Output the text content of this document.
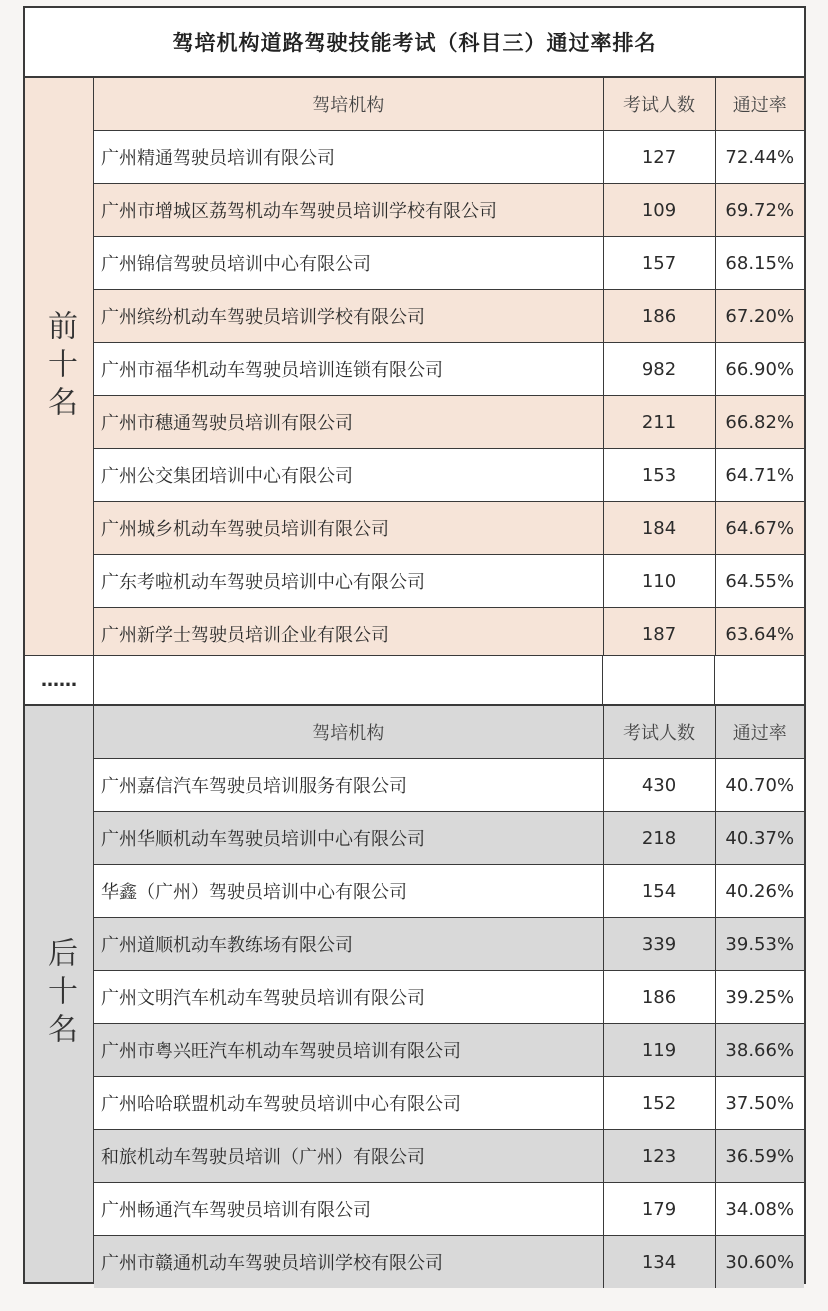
驾培机构道路驾驶技能考试（科目三）通过率排名
前十名
驾培机构	考试人数	通过率
广州精通驾驶员培训有限公司	127	72.44%
广州市增城区荔驾机动车驾驶员培训学校有限公司	109	69.72%
广州锦信驾驶员培训中心有限公司	157	68.15%
广州缤纷机动车驾驶员培训学校有限公司	186	67.20%
广州市福华机动车驾驶员培训连锁有限公司	982	66.90%
广州市穗通驾驶员培训有限公司	211	66.82%
广州公交集团培训中心有限公司	153	64.71%
广州城乡机动车驾驶员培训有限公司	184	64.67%
广东考啦机动车驾驶员培训中心有限公司	110	64.55%
广州新学士驾驶员培训企业有限公司	187	63.64%
……
后十名
驾培机构	考试人数	通过率
广州嘉信汽车驾驶员培训服务有限公司	430	40.70%
广州华顺机动车驾驶员培训中心有限公司	218	40.37%
华鑫（广州）驾驶员培训中心有限公司	154	40.26%
广州道顺机动车教练场有限公司	339	39.53%
广州文明汽车机动车驾驶员培训有限公司	186	39.25%
广州市粤兴旺汽车机动车驾驶员培训有限公司	119	38.66%
广州哈哈联盟机动车驾驶员培训中心有限公司	152	37.50%
和旅机动车驾驶员培训（广州）有限公司	123	36.59%
广州畅通汽车驾驶员培训有限公司	179	34.08%
广州市赣通机动车驾驶员培训学校有限公司	134	30.60%
